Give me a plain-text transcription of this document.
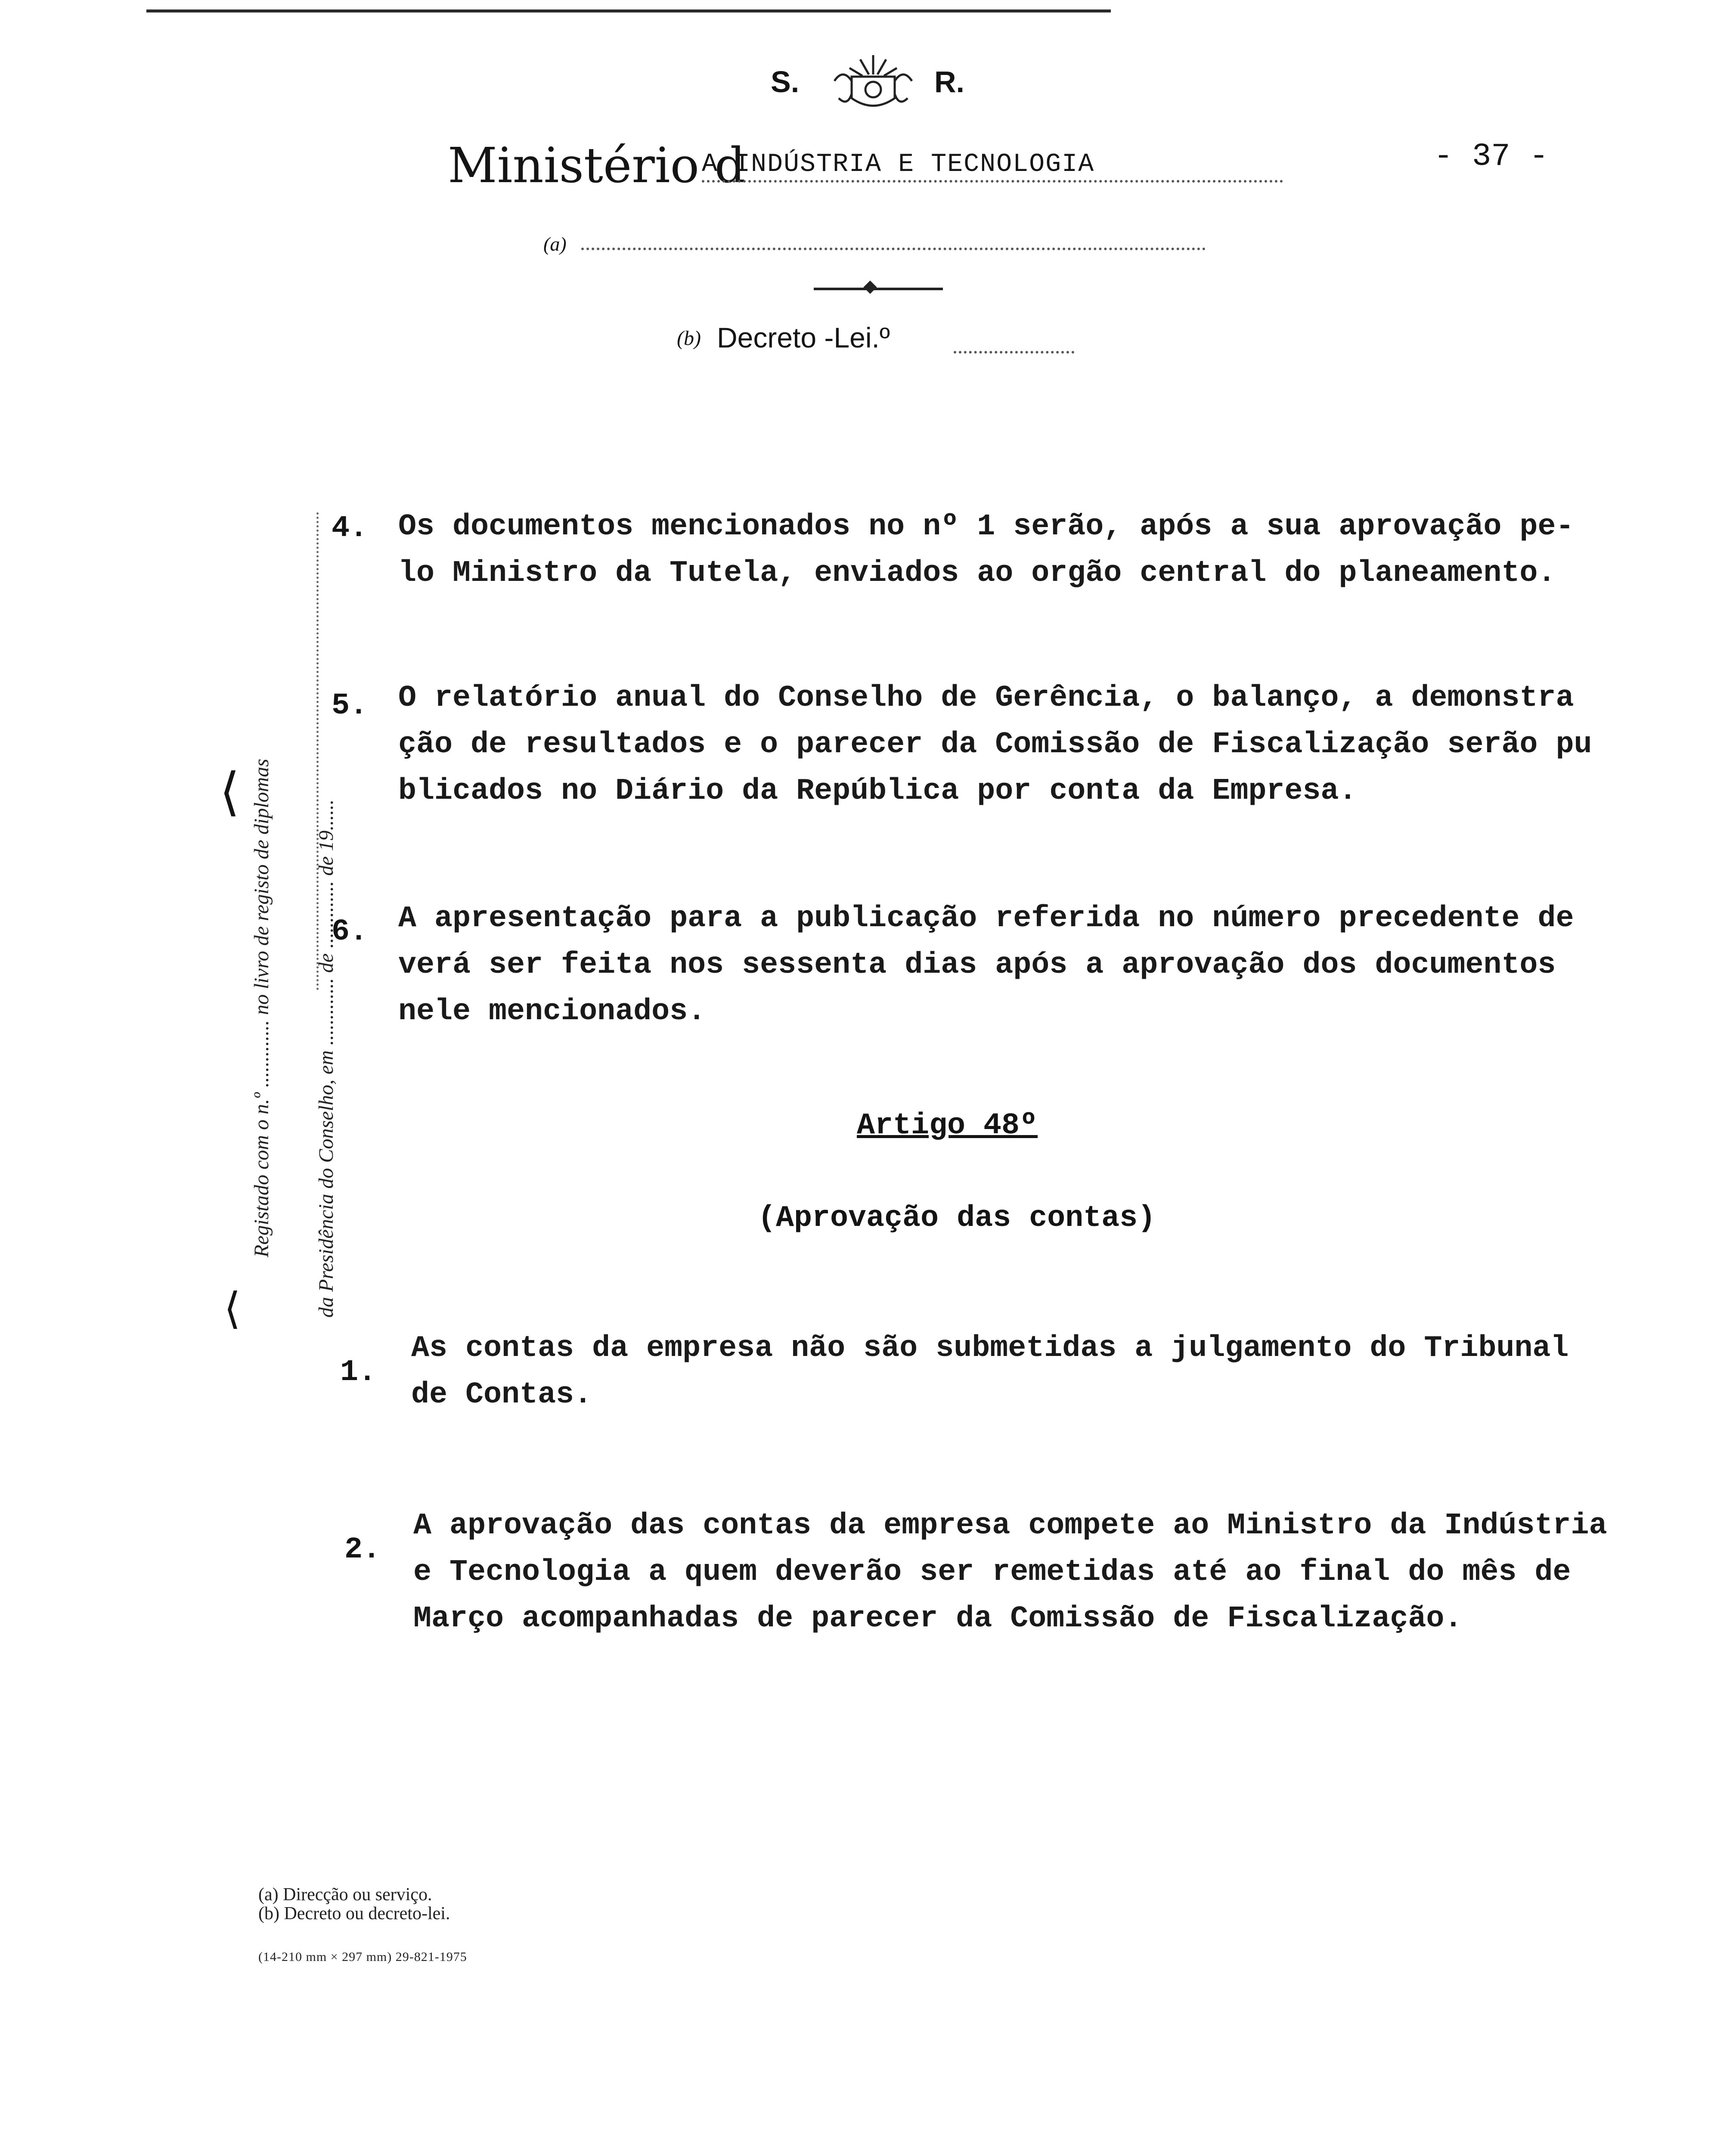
S.	R.
Ministério d
A INDÚSTRIA E TECNOLOGIA	- 37 -
(a)
(b) Decreto -Lei.º
⟨
⟨
Registado com o n.º ............. no livro de registo de diplomas da Presidência do Conselho, em ............. de ............. de 19......
4. Os documentos mencionados no nº 1 serão, após a sua aprovação pe-
lo Ministro da Tutela, enviados ao orgão central do planeamento.
5. O relatório anual do Conselho de Gerência, o balanço, a demonstra
ção de resultados e o parecer da Comissão de Fiscalização serão pu
blicados no Diário da República por conta da Empresa.
6. A apresentação para a publicação referida no número precedente de
verá ser feita nos sessenta dias após a aprovação dos documentos
nele mencionados.
Artigo 48º
(Aprovação das contas)
1.
As contas da empresa não são submetidas a julgamento do Tribunal
de Contas.
2.
A aprovação das contas da empresa compete ao Ministro da Indústria
e Tecnologia a quem deverão ser remetidas até ao final do mês de
Março acompanhadas de parecer da Comissão de Fiscalização.
(a) Direcção ou serviço.
(b) Decreto ou decreto-lei.
(14-210 mm × 297 mm) 29-821-1975
